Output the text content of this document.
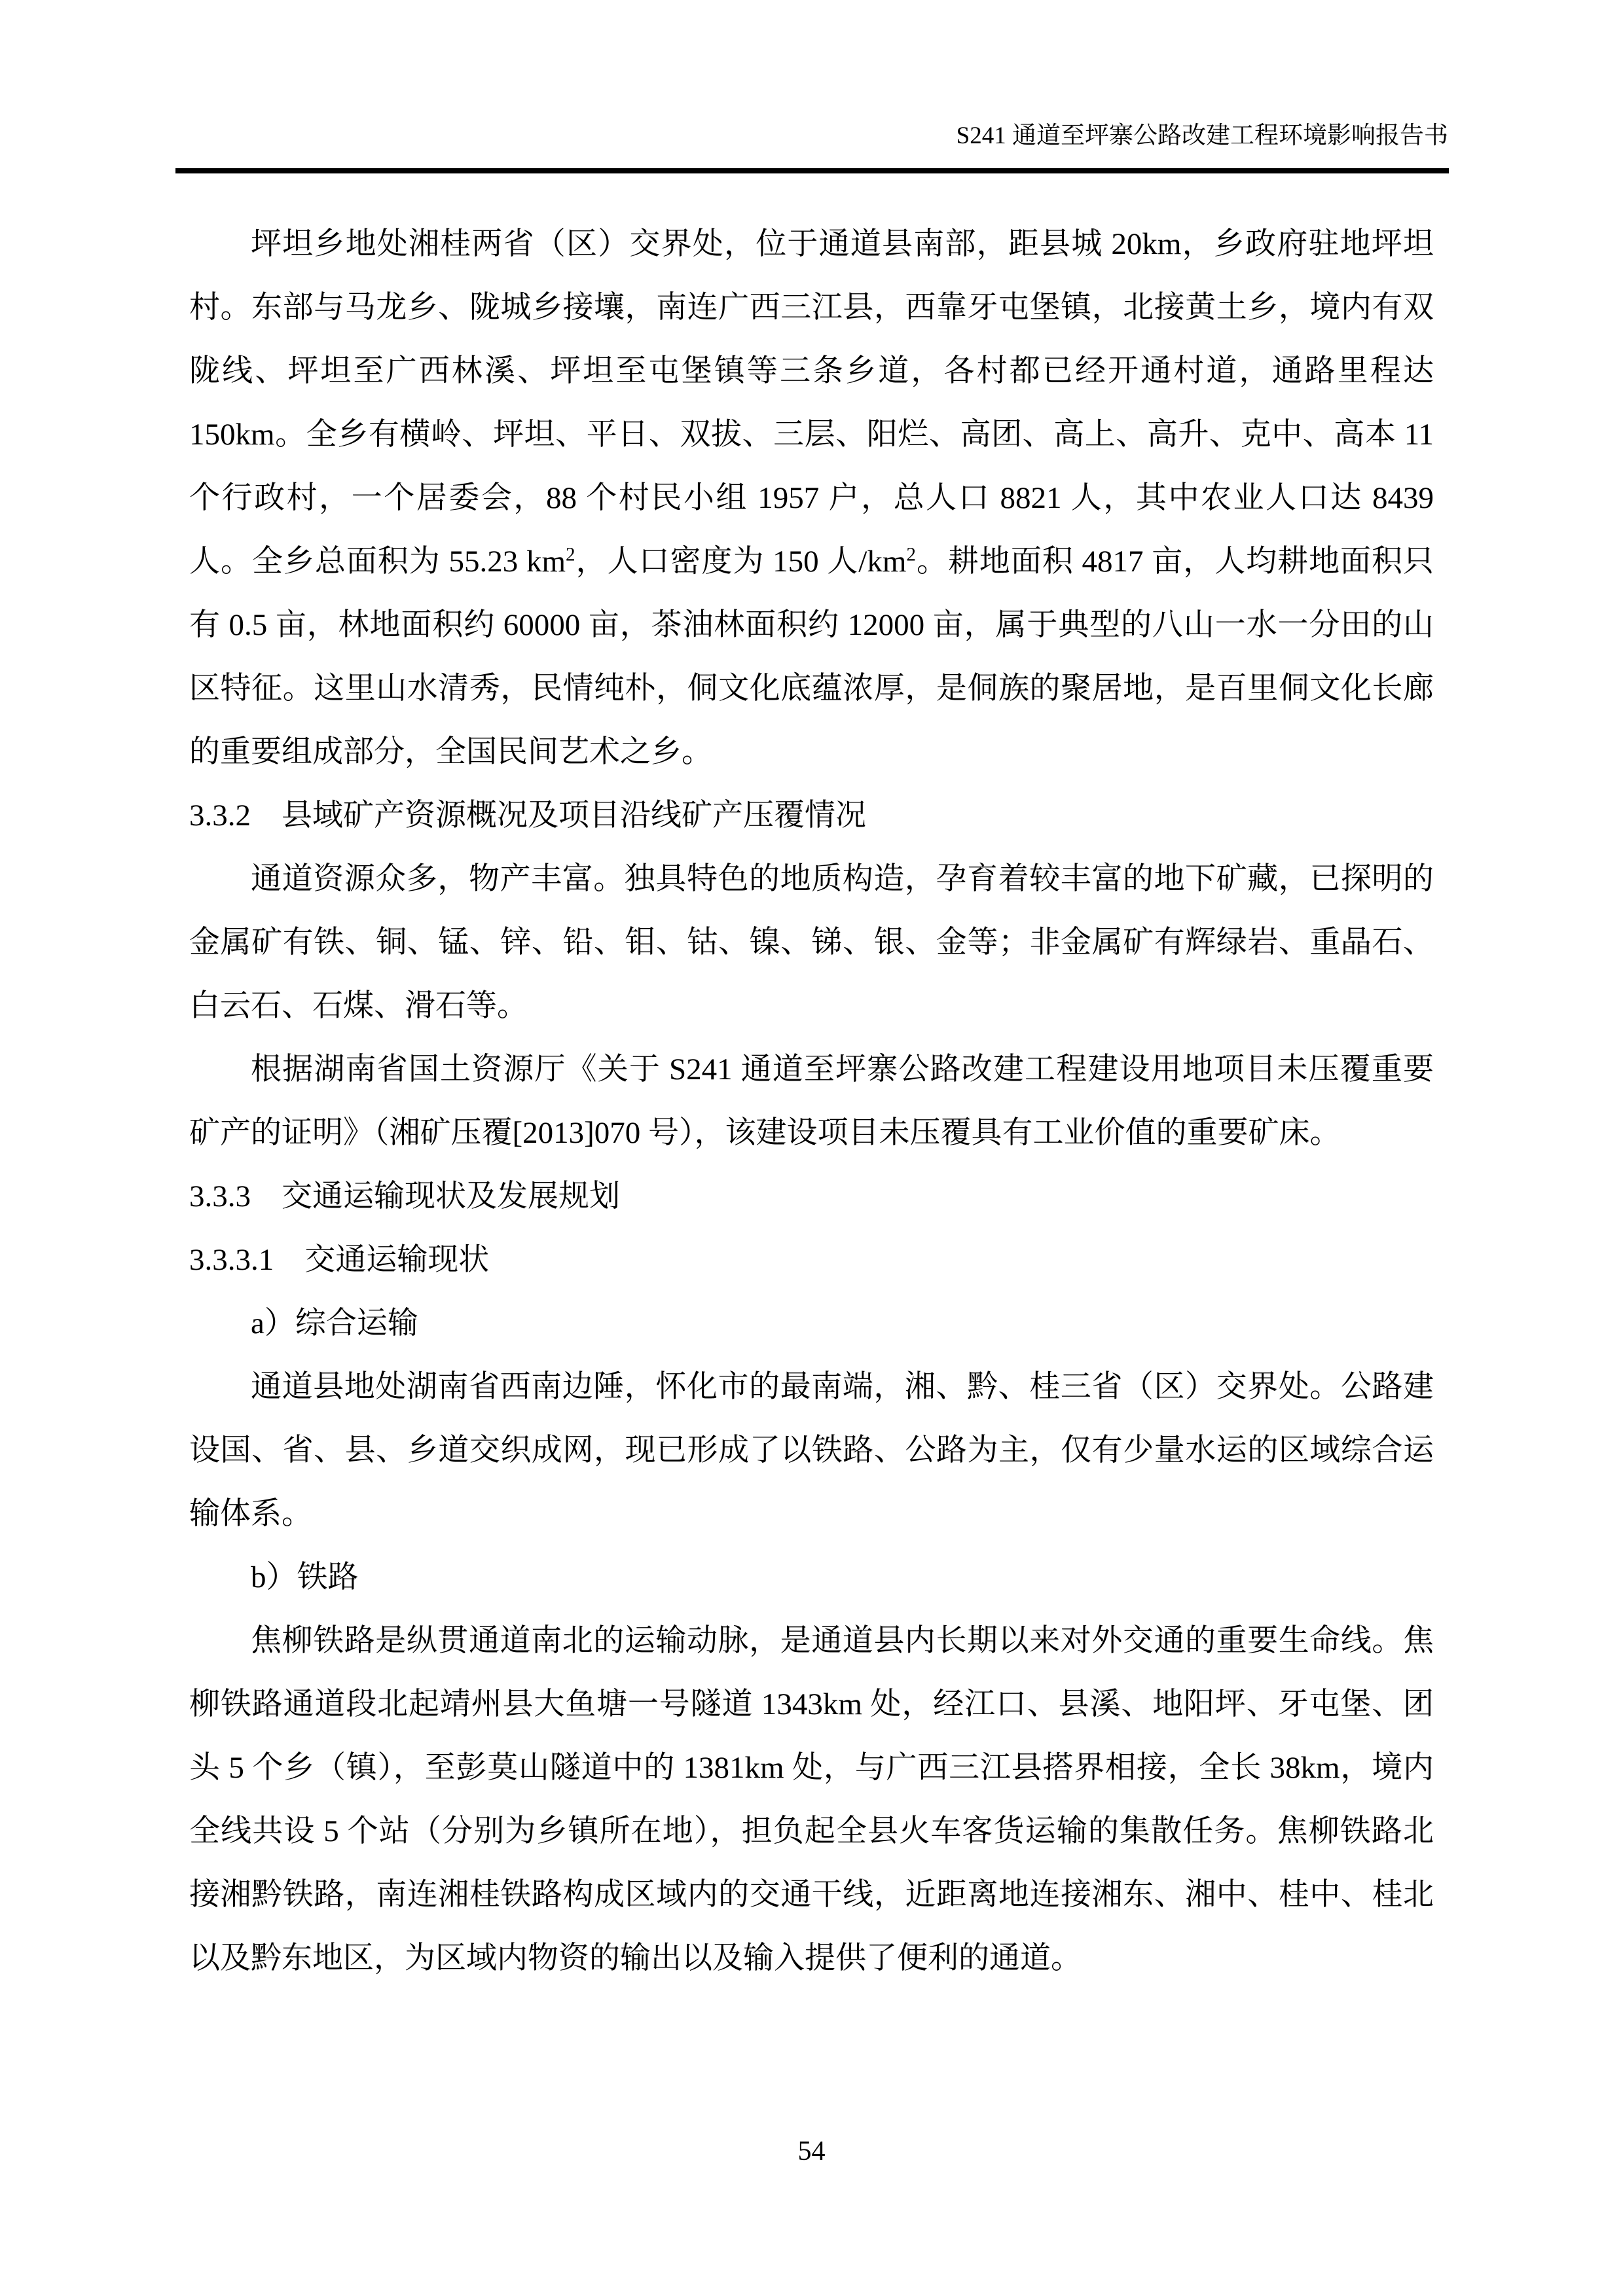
S241 通道至坪寨公路改建工程环境影响报告书

坪坦乡地处湘桂两省（区）交界处，位于通道县南部，距县城 20km，乡政府驻地坪坦村。东部与马龙乡、陇城乡接壤，南连广西三江县，西靠牙屯堡镇，北接黄土乡，境内有双陇线、坪坦至广西林溪、坪坦至屯堡镇等三条乡道，各村都已经开通村道，通路里程达 150km。全乡有横岭、坪坦、平日、双拔、三层、阳烂、高团、高上、高升、克中、高本 11 个行政村，一个居委会，88 个村民小组 1957 户，总人口 8821 人，其中农业人口达 8439 人。全乡总面积为 55.23 $km^2$，人口密度为 150 人$/km^2$。耕地面积 4817 亩，人均耕地面积只有 0.5 亩，林地面积约 60000 亩，茶油林面积约 12000 亩，属于典型的八山一水一分田的山区特征。这里山水清秀，民情纯朴，侗文化底蕴浓厚，是侗族的聚居地，是百里侗文化长廊的重要组成部分，全国民间艺术之乡。

3.3.2　县域矿产资源概况及项目沿线矿产压覆情况

通道资源众多，物产丰富。独具特色的地质构造，孕育着较丰富的地下矿藏，已探明的金属矿有铁、铜、锰、锌、铅、钼、钴、镍、锑、银、金等；非金属矿有辉绿岩、重晶石、白云石、石煤、滑石等。

根据湖南省国土资源厅《关于 S241 通道至坪寨公路改建工程建设用地项目未压覆重要矿产的证明》（湘矿压覆[2013]070 号），该建设项目未压覆具有工业价值的重要矿床。

3.3.3　交通运输现状及发展规划

3.3.3.1　交通运输现状

a）综合运输

通道县地处湖南省西南边陲，怀化市的最南端，湘、黔、桂三省（区）交界处。公路建设国、省、县、乡道交织成网，现已形成了以铁路、公路为主，仅有少量水运的区域综合运输体系。

b）铁路

焦柳铁路是纵贯通道南北的运输动脉，是通道县内长期以来对外交通的重要生命线。焦柳铁路通道段北起靖州县大鱼塘一号隧道 1343km 处，经江口、县溪、地阳坪、牙屯堡、团头 5 个乡（镇），至彭莫山隧道中的 1381km 处，与广西三江县搭界相接，全长 38km，境内全线共设 5 个站（分别为乡镇所在地），担负起全县火车客货运输的集散任务。焦柳铁路北接湘黔铁路，南连湘桂铁路构成区域内的交通干线，近距离地连接湘东、湘中、桂中、桂北以及黔东地区，为区域内物资的输出以及输入提供了便利的通道。

54
